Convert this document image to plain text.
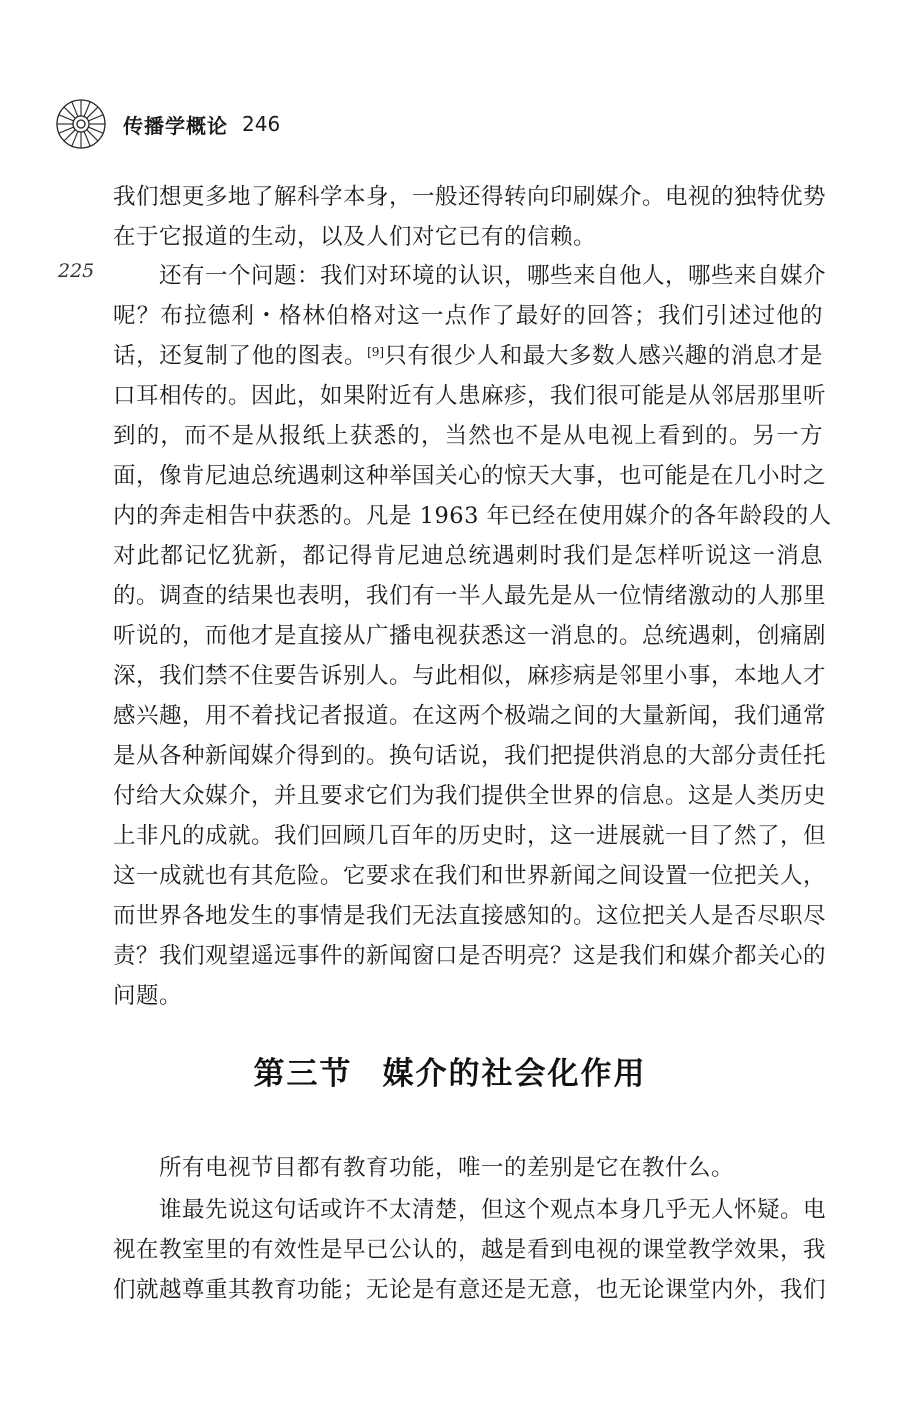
传播学概论 246
225
我们想更多地了解科学本身，一般还得转向印刷媒介。电视的独特优势
在于它报道的生动，以及人们对它已有的信赖。
还有一个问题：我们对环境的认识，哪些来自他人，哪些来自媒介
呢？布拉德利・格林伯格对这一点作了最好的回答；我们引述过他的
话，还复制了他的图表。[9]只有很少人和最大多数人感兴趣的消息才是
口耳相传的。因此，如果附近有人患麻疹，我们很可能是从邻居那里听
到的，而不是从报纸上获悉的，当然也不是从电视上看到的。另一方
面，像肯尼迪总统遇刺这种举国关心的惊天大事，也可能是在几小时之
内的奔走相告中获悉的。凡是 1963 年已经在使用媒介的各年龄段的人
对此都记忆犹新，都记得肯尼迪总统遇刺时我们是怎样听说这一消息
的。调查的结果也表明，我们有一半人最先是从一位情绪激动的人那里
听说的，而他才是直接从广播电视获悉这一消息的。总统遇刺，创痛剧
深，我们禁不住要告诉别人。与此相似，麻疹病是邻里小事，本地人才
感兴趣，用不着找记者报道。在这两个极端之间的大量新闻，我们通常
是从各种新闻媒介得到的。换句话说，我们把提供消息的大部分责任托
付给大众媒介，并且要求它们为我们提供全世界的信息。这是人类历史
上非凡的成就。我们回顾几百年的历史时，这一进展就一目了然了，但
这一成就也有其危险。它要求在我们和世界新闻之间设置一位把关人，
而世界各地发生的事情是我们无法直接感知的。这位把关人是否尽职尽
责？我们观望遥远事件的新闻窗口是否明亮？这是我们和媒介都关心的
问题。
第三节 媒介的社会化作用
所有电视节目都有教育功能，唯一的差别是它在教什么。
谁最先说这句话或许不太清楚，但这个观点本身几乎无人怀疑。电
视在教室里的有效性是早已公认的，越是看到电视的课堂教学效果，我
们就越尊重其教育功能；无论是有意还是无意，也无论课堂内外，我们
